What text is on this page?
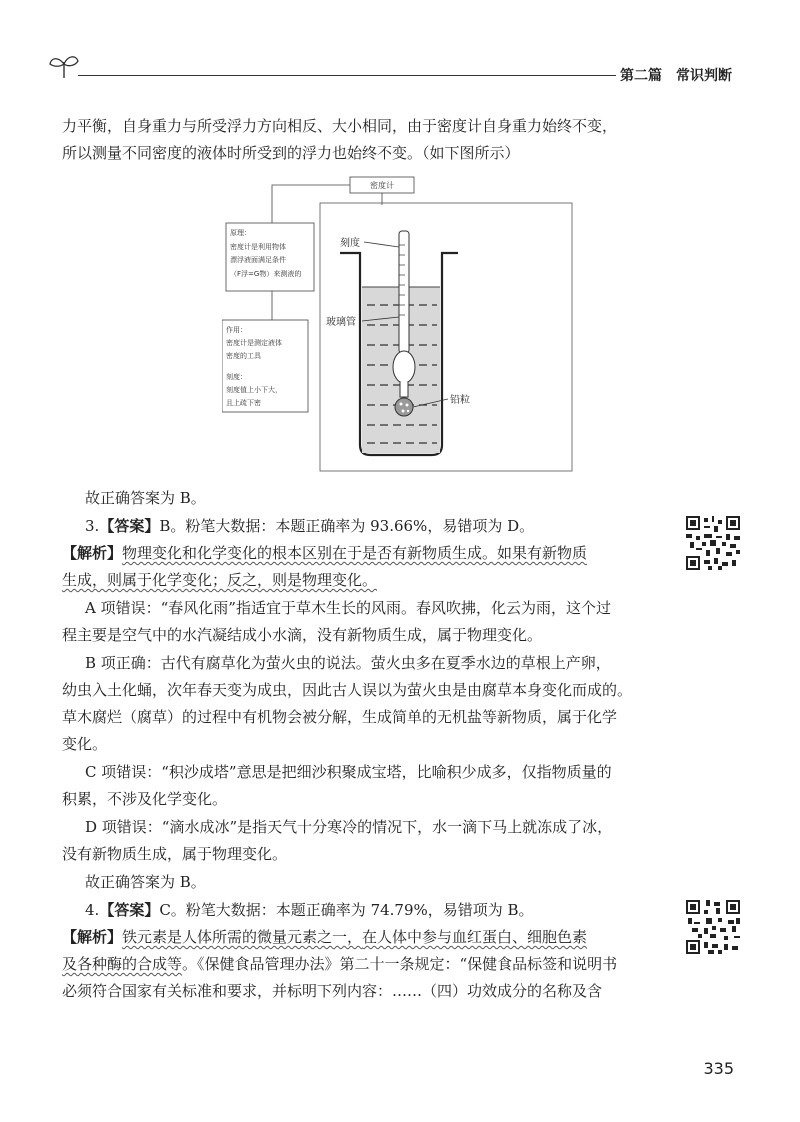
第二篇　常识判断
力平衡，自身重力与所受浮力方向相反、大小相同，由于密度计自身重力始终不变，
所以测量不同密度的液体时所受到的浮力也始终不变。（如下图所示）
密度计
原理：
密度计是利用物体
漂浮液面满足条件
（F浮=G物）来测液的
作用：
密度计是测定液体
密度的工具
刻度：
刻度值上小下大，
且上疏下密
刻度
玻璃管
铅粒
故正确答案为 B。
3.【答案】B。粉笔大数据：本题正确率为 93.66%，易错项为 D。
【解析】物理变化和化学变化的根本区别在于是否有新物质生成。如果有新物质
生成，则属于化学变化；反之，则是物理变化。
A 项错误：“春风化雨”指适宜于草木生长的风雨。春风吹拂，化云为雨，这个过
程主要是空气中的水汽凝结成小水滴，没有新物质生成，属于物理变化。
B 项正确：古代有腐草化为萤火虫的说法。萤火虫多在夏季水边的草根上产卵，
幼虫入土化蛹，次年春天变为成虫，因此古人误以为萤火虫是由腐草本身变化而成的。
草木腐烂（腐草）的过程中有机物会被分解，生成简单的无机盐等新物质，属于化学
变化。
C 项错误：“积沙成塔”意思是把细沙积聚成宝塔，比喻积少成多，仅指物质量的
积累，不涉及化学变化。
D 项错误：“滴水成冰”是指天气十分寒冷的情况下，水一滴下马上就冻成了冰，
没有新物质生成，属于物理变化。
故正确答案为 B。
4.【答案】C。粉笔大数据：本题正确率为 74.79%，易错项为 B。
【解析】铁元素是人体所需的微量元素之一，在人体中参与血红蛋白、细胞色素
及各种酶的合成等。《保健食品管理办法》第二十一条规定：“保健食品标签和说明书
必须符合国家有关标准和要求，并标明下列内容：……（四）功效成分的名称及含
335
